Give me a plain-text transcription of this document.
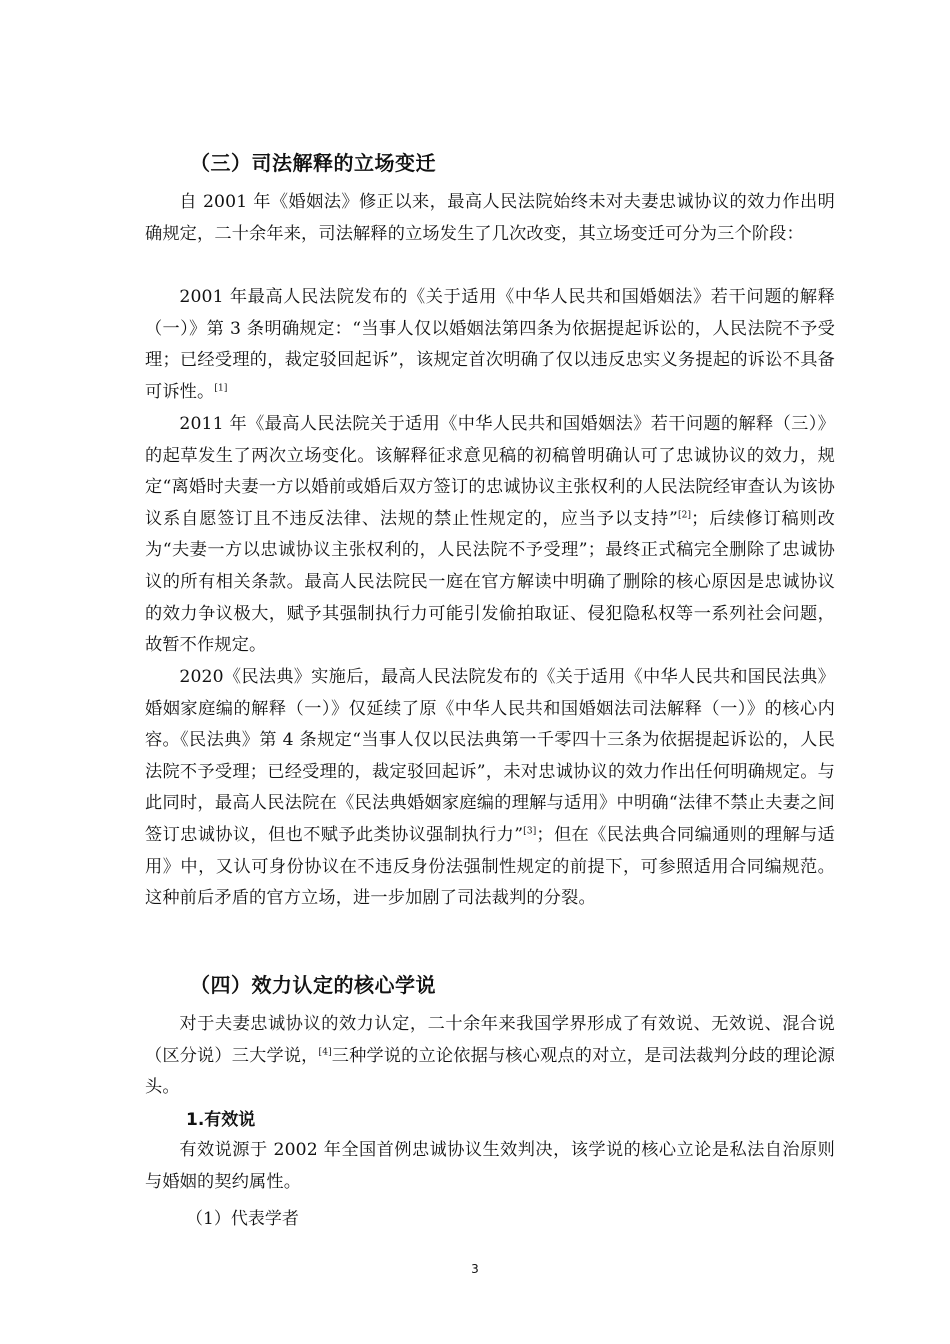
（三）司法解释的立场变迁

自 2001 年《婚姻法》修正以来，最高人民法院始终未对夫妻忠诚协议的效力作出明确规定，二十余年来，司法解释的立场发生了几次改变，其立场变迁可分为三个阶段：

2001 年最高人民法院发布的《关于适用《中华人民共和国婚姻法》若干问题的解释（一）》第 3 条明确规定：“当事人仅以婚姻法第四条为依据提起诉讼的，人民法院不予受理；已经受理的，裁定驳回起诉”，该规定首次明确了仅以违反忠实义务提起的诉讼不具备可诉性。[1]

2011 年《最高人民法院关于适用《中华人民共和国婚姻法》若干问题的解释（三）》的起草发生了两次立场变化。该解释征求意见稿的初稿曾明确认可了忠诚协议的效力，规定“离婚时夫妻一方以婚前或婚后双方签订的忠诚协议主张权利的人民法院经审查认为该协议系自愿签订且不违反法律、法规的禁止性规定的，应当予以支持”[2]；后续修订稿则改为“夫妻一方以忠诚协议主张权利的，人民法院不予受理”；最终正式稿完全删除了忠诚协议的所有相关条款。最高人民法院民一庭在官方解读中明确了删除的核心原因是忠诚协议的效力争议极大，赋予其强制执行力可能引发偷拍取证、侵犯隐私权等一系列社会问题，故暂不作规定。

2020《民法典》实施后，最高人民法院发布的《关于适用《中华人民共和国民法典》婚姻家庭编的解释（一）》仅延续了原《中华人民共和国婚姻法司法解释（一）》的核心内容。《民法典》第 4 条规定“当事人仅以民法典第一千零四十三条为依据提起诉讼的，人民法院不予受理；已经受理的，裁定驳回起诉”，未对忠诚协议的效力作出任何明确规定。与此同时，最高人民法院在《民法典婚姻家庭编的理解与适用》中明确“法律不禁止夫妻之间签订忠诚协议，但也不赋予此类协议强制执行力”[3]；但在《民法典合同编通则的理解与适用》中，又认可身份协议在不违反身份法强制性规定的前提下，可参照适用合同编规范。这种前后矛盾的官方立场，进一步加剧了司法裁判的分裂。

（四）效力认定的核心学说

对于夫妻忠诚协议的效力认定，二十余年来我国学界形成了有效说、无效说、混合说（区分说）三大学说，[4]三种学说的立论依据与核心观点的对立，是司法裁判分歧的理论源头。

1.有效说

有效说源于 2002 年全国首例忠诚协议生效判决，该学说的核心立论是私法自治原则与婚姻的契约属性。

（1）代表学者
3
